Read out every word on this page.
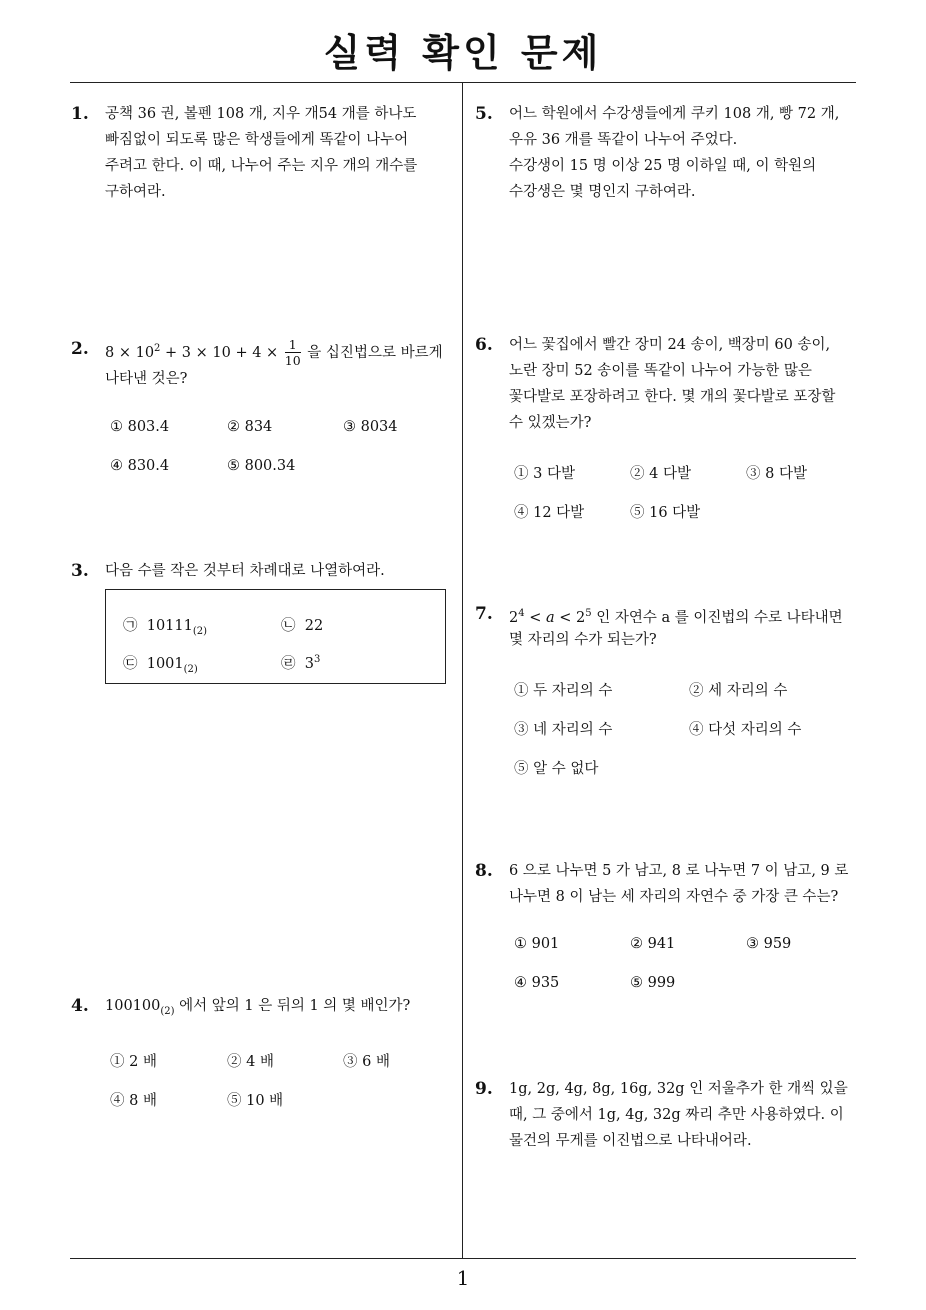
실력 확인 문제
1
1. 공책 36 권, 볼펜 108 개, 지우 개54 개를 하나도
빠짐없이 되도록 많은 학생들에게 똑같이 나누어
주려고 한다. 이 때, 나누어 주는 지우 개의 개수를
구하여라.
2. $8 \times 10^2 + 3 \times 10 + 4 \times \frac{1}{10}$ 을 십진법으로 바르게
나타낸 것은?
① 803.4	② 834	③ 8034
④ 830.4	⑤ 800.34
3. 다음 수를 작은 것부터 차례대로 나열하여라.
㉠ $10111_{(2)}$	㉡ 22
㉢ $1001_{(2)}$	㉣ $3^3$
4. $100100_{(2)}$ 에서 앞의 1 은 뒤의 1 의 몇 배인가?
① 2 배	② 4 배	③ 6 배
④ 8 배	⑤ 10 배
5. 어느 학원에서 수강생들에게 쿠키 108 개, 빵 72 개,
우유 36 개를 똑같이 나누어 주었다.
수강생이 15 명 이상 25 명 이하일 때, 이 학원의
수강생은 몇 명인지 구하여라.
6. 어느 꽃집에서 빨간 장미 24 송이, 백장미 60 송이,
노란 장미 52 송이를 똑같이 나누어 가능한 많은
꽃다발로 포장하려고 한다. 몇 개의 꽃다발로 포장할
수 있겠는가?
① 3 다발	② 4 다발	③ 8 다발
④ 12 다발	⑤ 16 다발
7. $2^4 < a < 2^5$ 인 자연수 a 를 이진법의 수로 나타내면
몇 자리의 수가 되는가?
① 두 자리의 수	② 세 자리의 수
③ 네 자리의 수	④ 다섯 자리의 수
⑤ 알 수 없다
8. 6 으로 나누면 5 가 남고, 8 로 나누면 7 이 남고, 9 로
나누면 8 이 남는 세 자리의 자연수 중 가장 큰 수는?
① 901	② 941	③ 959
④ 935	⑤ 999
9. 1g, 2g, 4g, 8g, 16g, 32g 인 저울추가 한 개씩 있을
때, 그 중에서 1g, 4g, 32g 짜리 추만 사용하였다. 이
물건의 무게를 이진법으로 나타내어라.
